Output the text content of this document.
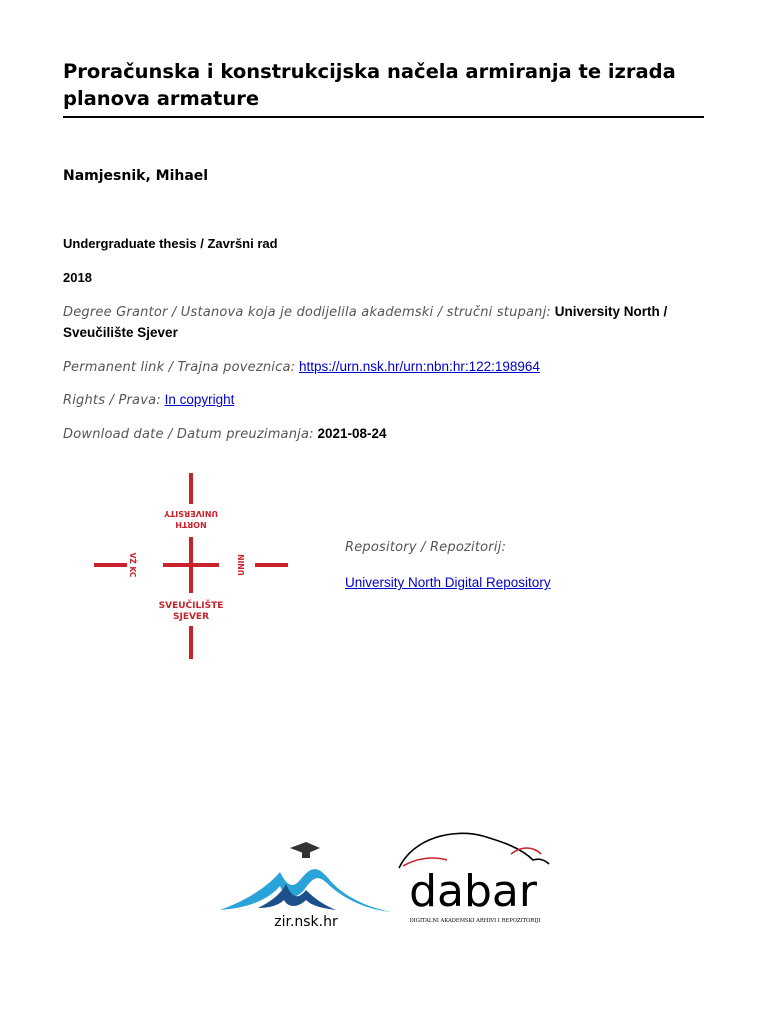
Proračunska i konstrukcijska načela armiranja te izrada planova armature
Namjesnik, Mihael
Undergraduate thesis / Završni rad
2018
Degree Grantor / Ustanova koja je dodijelila akademski / stručni stupanj: University North / Sveučilište Sjever
Permanent link / Trajna poveznica: https://urn.nsk.hr/urn:nbn:hr:122:198964
Rights / Prava: In copyright
Download date / Datum preuzimanja: 2021-08-24
NORTH
UNIVERSITY
VŽ KC	UNIN
SVEUČILIŠTE
SJEVER
Repository / Repozitorij:
University North Digital Repository
zir.nsk.hr
dabar
DIGITALNI AKADEMSKI ARHIVI I REPOZITORIJI
